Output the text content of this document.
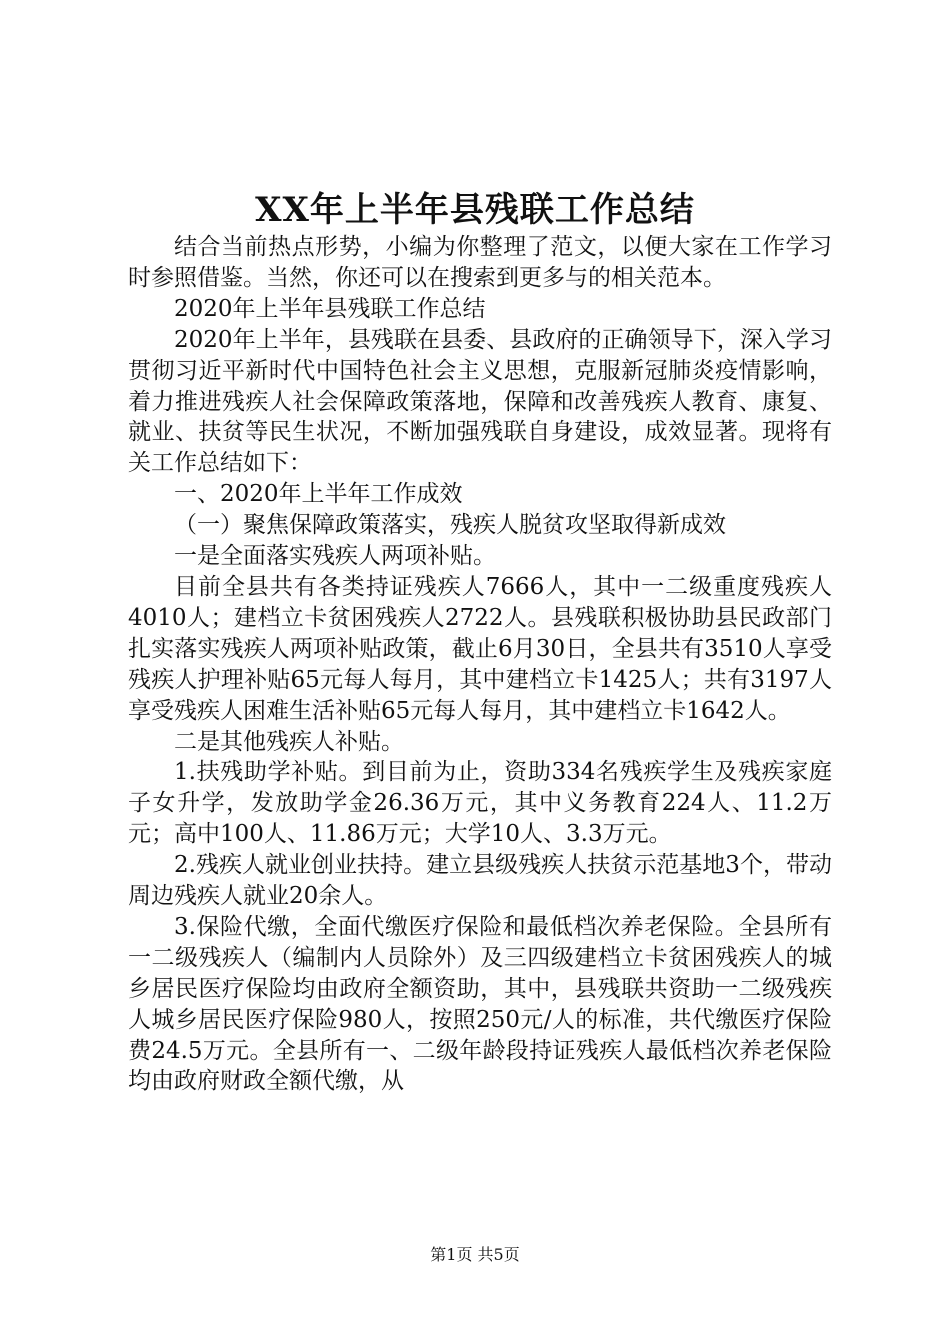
XX年上半年县残联工作总结

结合当前热点形势，小编为你整理了范文，以便大家在工作学习时参照借鉴。当然，你还可以在搜索到更多与的相关范本。

2020年上半年县残联工作总结

2020年上半年，县残联在县委、县政府的正确领导下，深入学习贯彻习近平新时代中国特色社会主义思想，克服新冠肺炎疫情影响，着力推进残疾人社会保障政策落地，保障和改善残疾人教育、康复、就业、扶贫等民生状况，不断加强残联自身建设，成效显著。现将有关工作总结如下：

一、2020年上半年工作成效

（一）聚焦保障政策落实，残疾人脱贫攻坚取得新成效

一是全面落实残疾人两项补贴。

目前全县共有各类持证残疾人7666人，其中一二级重度残疾人4010人；建档立卡贫困残疾人2722人。县残联积极协助县民政部门扎实落实残疾人两项补贴政策，截止6月30日，全县共有3510人享受残疾人护理补贴65元每人每月，其中建档立卡1425人；共有3197人享受残疾人困难生活补贴65元每人每月，其中建档立卡1642人。

二是其他残疾人补贴。

1.扶残助学补贴。到目前为止，资助334名残疾学生及残疾家庭子女升学，发放助学金26.36万元，其中义务教育224人、11.2万元；高中100人、11.86万元；大学10人、3.3万元。

2.残疾人就业创业扶持。建立县级残疾人扶贫示范基地3个，带动周边残疾人就业20余人。

3.保险代缴，全面代缴医疗保险和最低档次养老保险。全县所有一二级残疾人（编制内人员除外）及三四级建档立卡贫困残疾人的城乡居民医疗保险均由政府全额资助，其中，县残联共资助一二级残疾人城乡居民医疗保险980人，按照250元/人的标准，共代缴医疗保险费24.5万元。全县所有一、二级年龄段持证残疾人最低档次养老保险均由政府财政全额代缴，从

第1页 共5页
